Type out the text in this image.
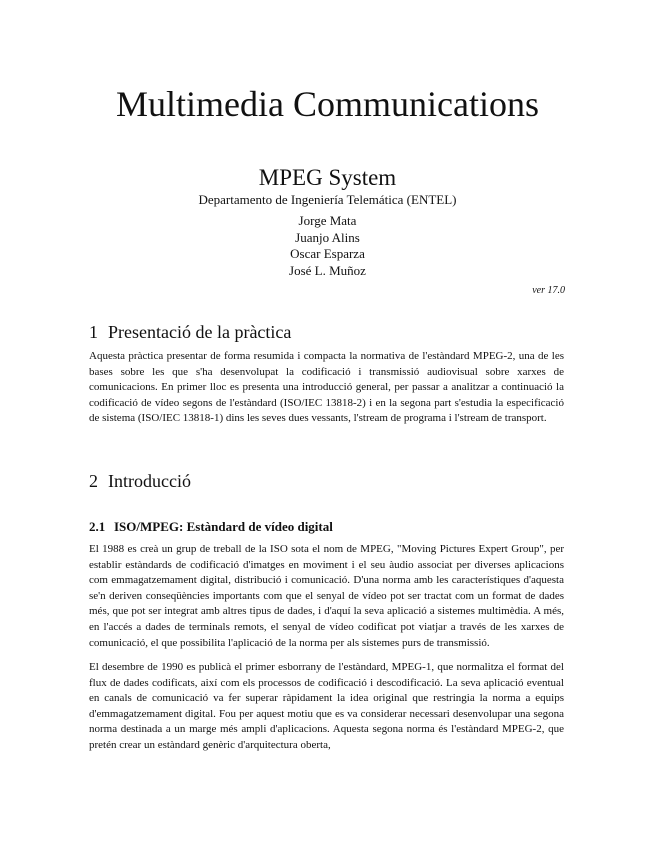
Multimedia Communications
MPEG System
Departamento de Ingeniería Telemática (ENTEL)
Jorge Mata
Juanjo Alins
Oscar Esparza
José L. Muñoz
ver 17.0
1 Presentació de la pràctica

Aquesta pràctica presentar de forma resumida i compacta la normativa de l'estàndard MPEG-2, una de les bases sobre les que s'ha desenvolupat la codificació i transmissió audiovisual sobre xarxes de comunicacions. En primer lloc es presenta una introducció general, per passar a analitzar a continuació la codificació de vídeo segons de l'estàndard (ISO/IEC 13818-2) i en la segona part s'estudia la especificació de sistema (ISO/IEC 13818-1) dins les seves dues vessants, l'stream de programa i l'stream de transport.

2 Introducció
2.1 ISO/MPEG: Estàndard de vídeo digital

El 1988 es creà un grup de treball de la ISO sota el nom de MPEG, "Moving Pictures Expert Group", per establir estàndards de codificació d'imatges en moviment i el seu àudio associat per diverses aplicacions com emmagatzemament digital, distribució i comunicació. D'una norma amb les característiques d'aquesta se'n deriven conseqüències importants com que el senyal de vídeo pot ser tractat com un format de dades més, que pot ser integrat amb altres tipus de dades, i d'aquí la seva aplicació a sistemes multimèdia. A més, en l'accés a dades de terminals remots, el senyal de vídeo codificat pot viatjar a través de les xarxes de comunicació, el que possibilita l'aplicació de la norma per als sistemes purs de transmissió.

El desembre de 1990 es publicà el primer esborrany de l'estàndard, MPEG-1, que normalitza el format del flux de dades codificats, així com els processos de codificació i descodificació. La seva aplicació eventual en canals de comunicació va fer superar ràpidament la idea original que restringia la norma a equips d'emmagatzemament digital. Fou per aquest motiu que es va considerar necessari desenvolupar una segona norma destinada a un marge més ampli d'aplicacions. Aquesta segona norma és l'estàndard MPEG-2, que pretén crear un estàndard genèric d'arquitectura oberta,
